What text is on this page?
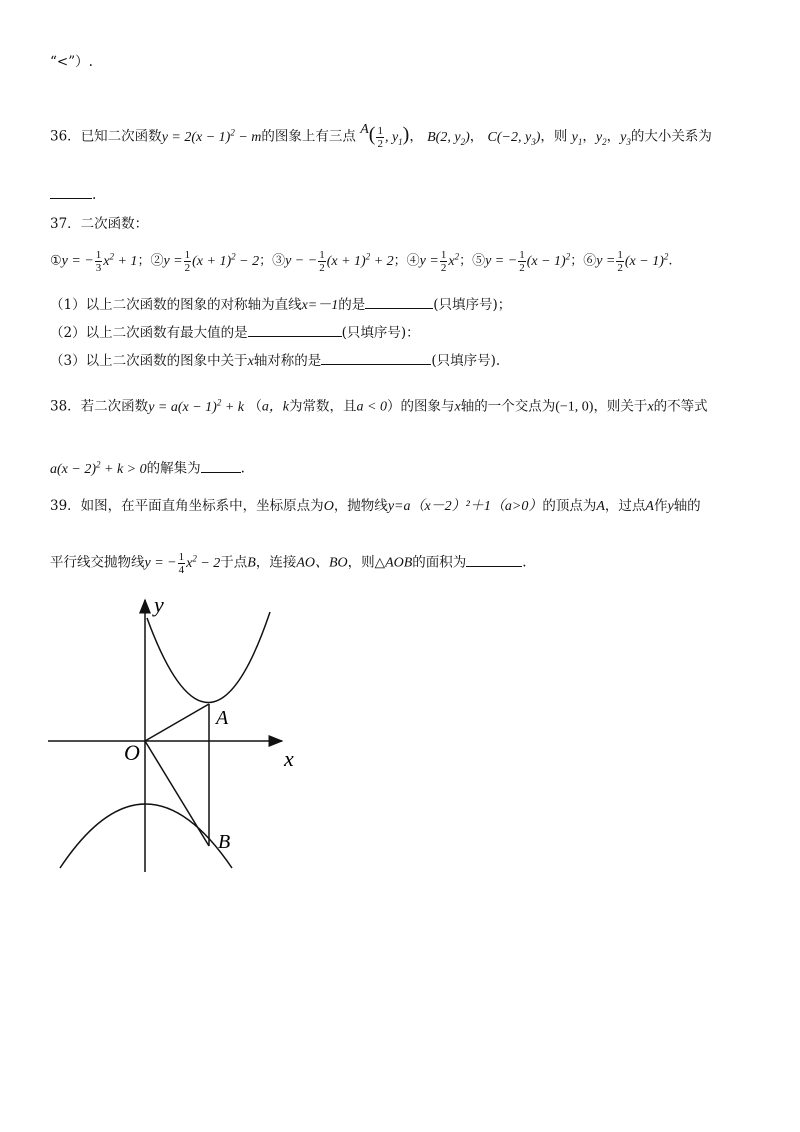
“<”）.
36．已知二次函数$y = 2(x - 1)^2 - m$的图象上有三点 $A( \frac{1}{2}$ , $y_1$)， B(2, $y_2$)， C(−2, $y_3$)，则 $y_1$，$y_2$，$y_3$的大小关系为
.
37．二次函数：
①y = − $\frac{1}{3} x^2 + 1$；②y = $\frac{1}{2} (x + 1)^2 - 2$；③y − − $\frac{1}{2} (x + 1)^2 + 2$；④y = $\frac{1}{2} x^2$；⑤y = − $\frac{1}{2} (x - 1)^2$；⑥y = $\frac{1}{2} (x - 1)^2$.
（1）以上二次函数的图象的对称轴为直线x=－1的是	(只填序号)；
（2）以上二次函数有最大值的是	(只填序号)：
（3）以上二次函数的图象中关于x轴对称的是	(只填序号).
38．若二次函数$y = a(x - 1)^2 + k$ （a，k为常数，且a < 0）的图象与x轴的一个交点为(−1, 0)，则关于x的不等式
$a(x - 2)^2 + k > 0$的解集为	.
39．如图，在平面直角坐标系中，坐标原点为O，抛物线y=a（x－2）²＋1（a>0）的顶点为A，过点A作y轴的
平行线交抛物线y = − $\frac{1}{4} x^2 - 2$于点B，连接AO、BO，则△AOB的面积为	.
y
x
O
A
B
